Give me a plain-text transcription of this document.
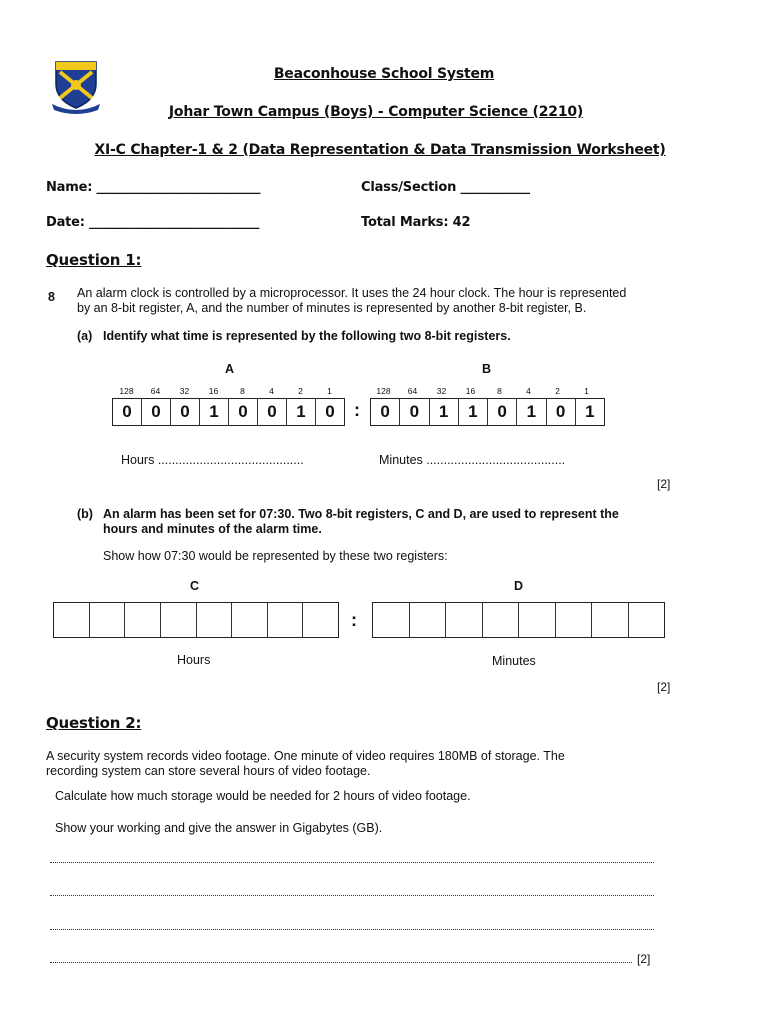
Beaconhouse School System
Johar Town Campus (Boys) - Computer Science (2210)
XI-C Chapter-1 & 2 (Data Representation & Data Transmission Worksheet)
Name: __________________________	Class/Section ___________
Date: ___________________________	Total Marks: 42
Question 1:
8 An alarm clock is controlled by a microprocessor. It uses the 24 hour clock. The hour is represented
by an 8-bit register, A, and the number of minutes is represented by another 8-bit register, B.
(a) Identify what time is represented by the following two 8-bit registers.
A	B
128	64	32	16	8	4	2	1	128	64	32	16	8	4	2	1
0	0	0	1	0	0	1	0	:	0	0	1	1	0	1	0	1
Hours ..........................................	Minutes ........................................
[2]
(b) An alarm has been set for 07:30. Two 8-bit registers, C and D, are used to represent the
hours and minutes of the alarm time.
Show how 07:30 would be represented by these two registers:
C	D
:
Hours	Minutes
[2]
Question 2:
A security system records video footage. One minute of video requires 180MB of storage. The
recording system can store several hours of video footage.
Calculate how much storage would be needed for 2 hours of video footage.
Show your working and give the answer in Gigabytes (GB).
[2]
